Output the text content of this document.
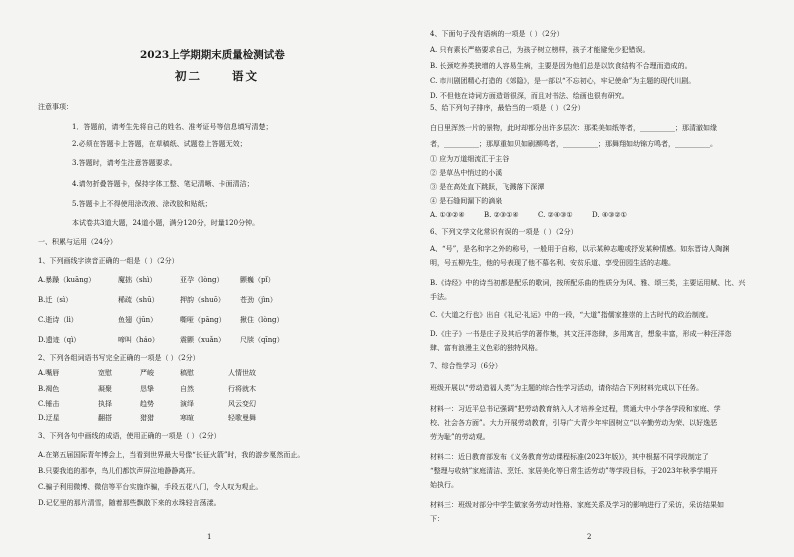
2023上学期期末质量检测试卷
初二	语文
注意事项：
1．答题前，请考生先将自己的姓名、准考证号等信息填写清楚；
2.必须在答题卡上答题，在草稿纸、试题卷上答题无效；
3.答题时，请考生注意答题要求。
4.请勿折叠答题卡，保持字体工整、笔记清晰、卡面清洁；
5.答题卡上不得使用涂改液、涂改胶和贴纸；
本试卷共3道大题，24道小题，满分120分，时量120分钟。
一、积累与运用（24分）
1、下列画线字读音正确的一组是（ ）（2分）
A.暴躁（kuāng）	魔拙（shì）	亚孕（lòng） 颤巍（pǐ）
B.迁（sì）	稀疏（shū）	押韵（shuō） 苍劲（jìn）
C.逝诗（lì）	鱼翅（jūn）	嘶哑（pāng） 揪住（lòng）
D.遗迹（qì）	啼叫（háo）	震颤（xuǎn） 尺牍（qīng）
2、下列各组词语书写完全正确的一项是（ ）（2分）
A.嘴唇	宽慰	严峻	稿慰	人情世故
B.褐色	凝聚	恳挚	自然	行将就木
C.锤击	执择	趋势	演绎	风云变幻
D.迂星	翻搭	猎猎	寒暄	轻歌曼舞
3、下列各句中画线的成语，使用正确的一项是（ ）（2分）
A.在第五届国际青年博会上，当看到世界最大号像“长征火箭”时，我的游步戛然而止。
B.只要我追的那李，鸟儿们都饮声屏泣地静静离开。
C.骗子利用微博、微信等平台实施诈骗，手段五花八门，令人叹为观止。
D.记忆里的那片清雪，随着那些飘散下来的水珠轻言荡漾。
1
4、下面句子没有语病的一项是（ ）（2分）
A. 只有素长严格要求自己，为孩子树立榜样，孩子才能避免少犯错误。
B. 长颈吃养类狭增的人容易生病，主要是因为他们总是以饮食结构不合理而造成的。
C. 市川剧团精心打造的《郊隐》，是一部以“不忘初心，牢记使命”为主题的现代川剧。
D. 不但他在诗词方面造诣很深，而且对书法、绘画也很有研究。
5、给下列句子排序，最恰当的一项是（ ）（2分）
白日里浑然一片的景物，此时却都分出许多层次：那柔美如纸等者，__________；那清澈如缘
者，__________；那厚重如贝如刷濒鸣者，__________；那舞翔如幼锦方鸣者，__________。
① 应为万道细流汇于主谷
② 是草丛中悄过的小溪
③ 是在高处直下跳跃，飞溅落下深潭
④ 是石缝间漏下的滴泉
A. ①③②④	B. ②③①④	C. ②④③①	D. ④③②①
6、下列文学文化常识有误的一项是（ ）（2分）
A、“号”，是名和字之外的称号，一般用于自称，以示某种志趣或抒发某种情感。如东晋诗人陶渊
明，号五柳先生，他的号表现了他不慕名利、安贫乐道、享受田园生活的志趣。
B.《诗经》中的诗当初都是配乐的歌词，按所配乐曲的性质分为风、雅、颂三类，主要运用赋、比、兴
手法。
C.《大道之行也》出自《礼记·礼运》中的一段，“大道”指儒家推崇的上古时代的政治制度。
D.《庄子》一书是庄子及其后学的著作集，其文汪洋恣肆，多用寓言，想象丰富，形成一种汪洋恣
肆、富有浪漫主义色彩的独特风格。
7、综合性学习（6分）
班级开展以“劳动造福人类”为主题的综合性学习活动，请你结合下列材料完成以下任务。
材料一：习近平总书记强调“把劳动教育纳入人才培养全过程，贯通大中小学各学段和家庭、学
校、社会各方面”。大力开展劳动教育，引导广大青少年牢固树立“以辛勤劳动为荣、以好逸恶
劳为耻”的劳动观。
材料二：近日教育部发布《义务教育劳动课程标准(2023年版)》，其中根据不同学段制定了
“整理与收纳”家庭清洁、烹饪、家居美化等日常生活劳动”等学段目标，于2023年秋季学期开
始执行。
材料三：班级对部分中学生做家务劳动对性格、家庭关系及学习的影响进行了采访，采访结果如
下：
2
